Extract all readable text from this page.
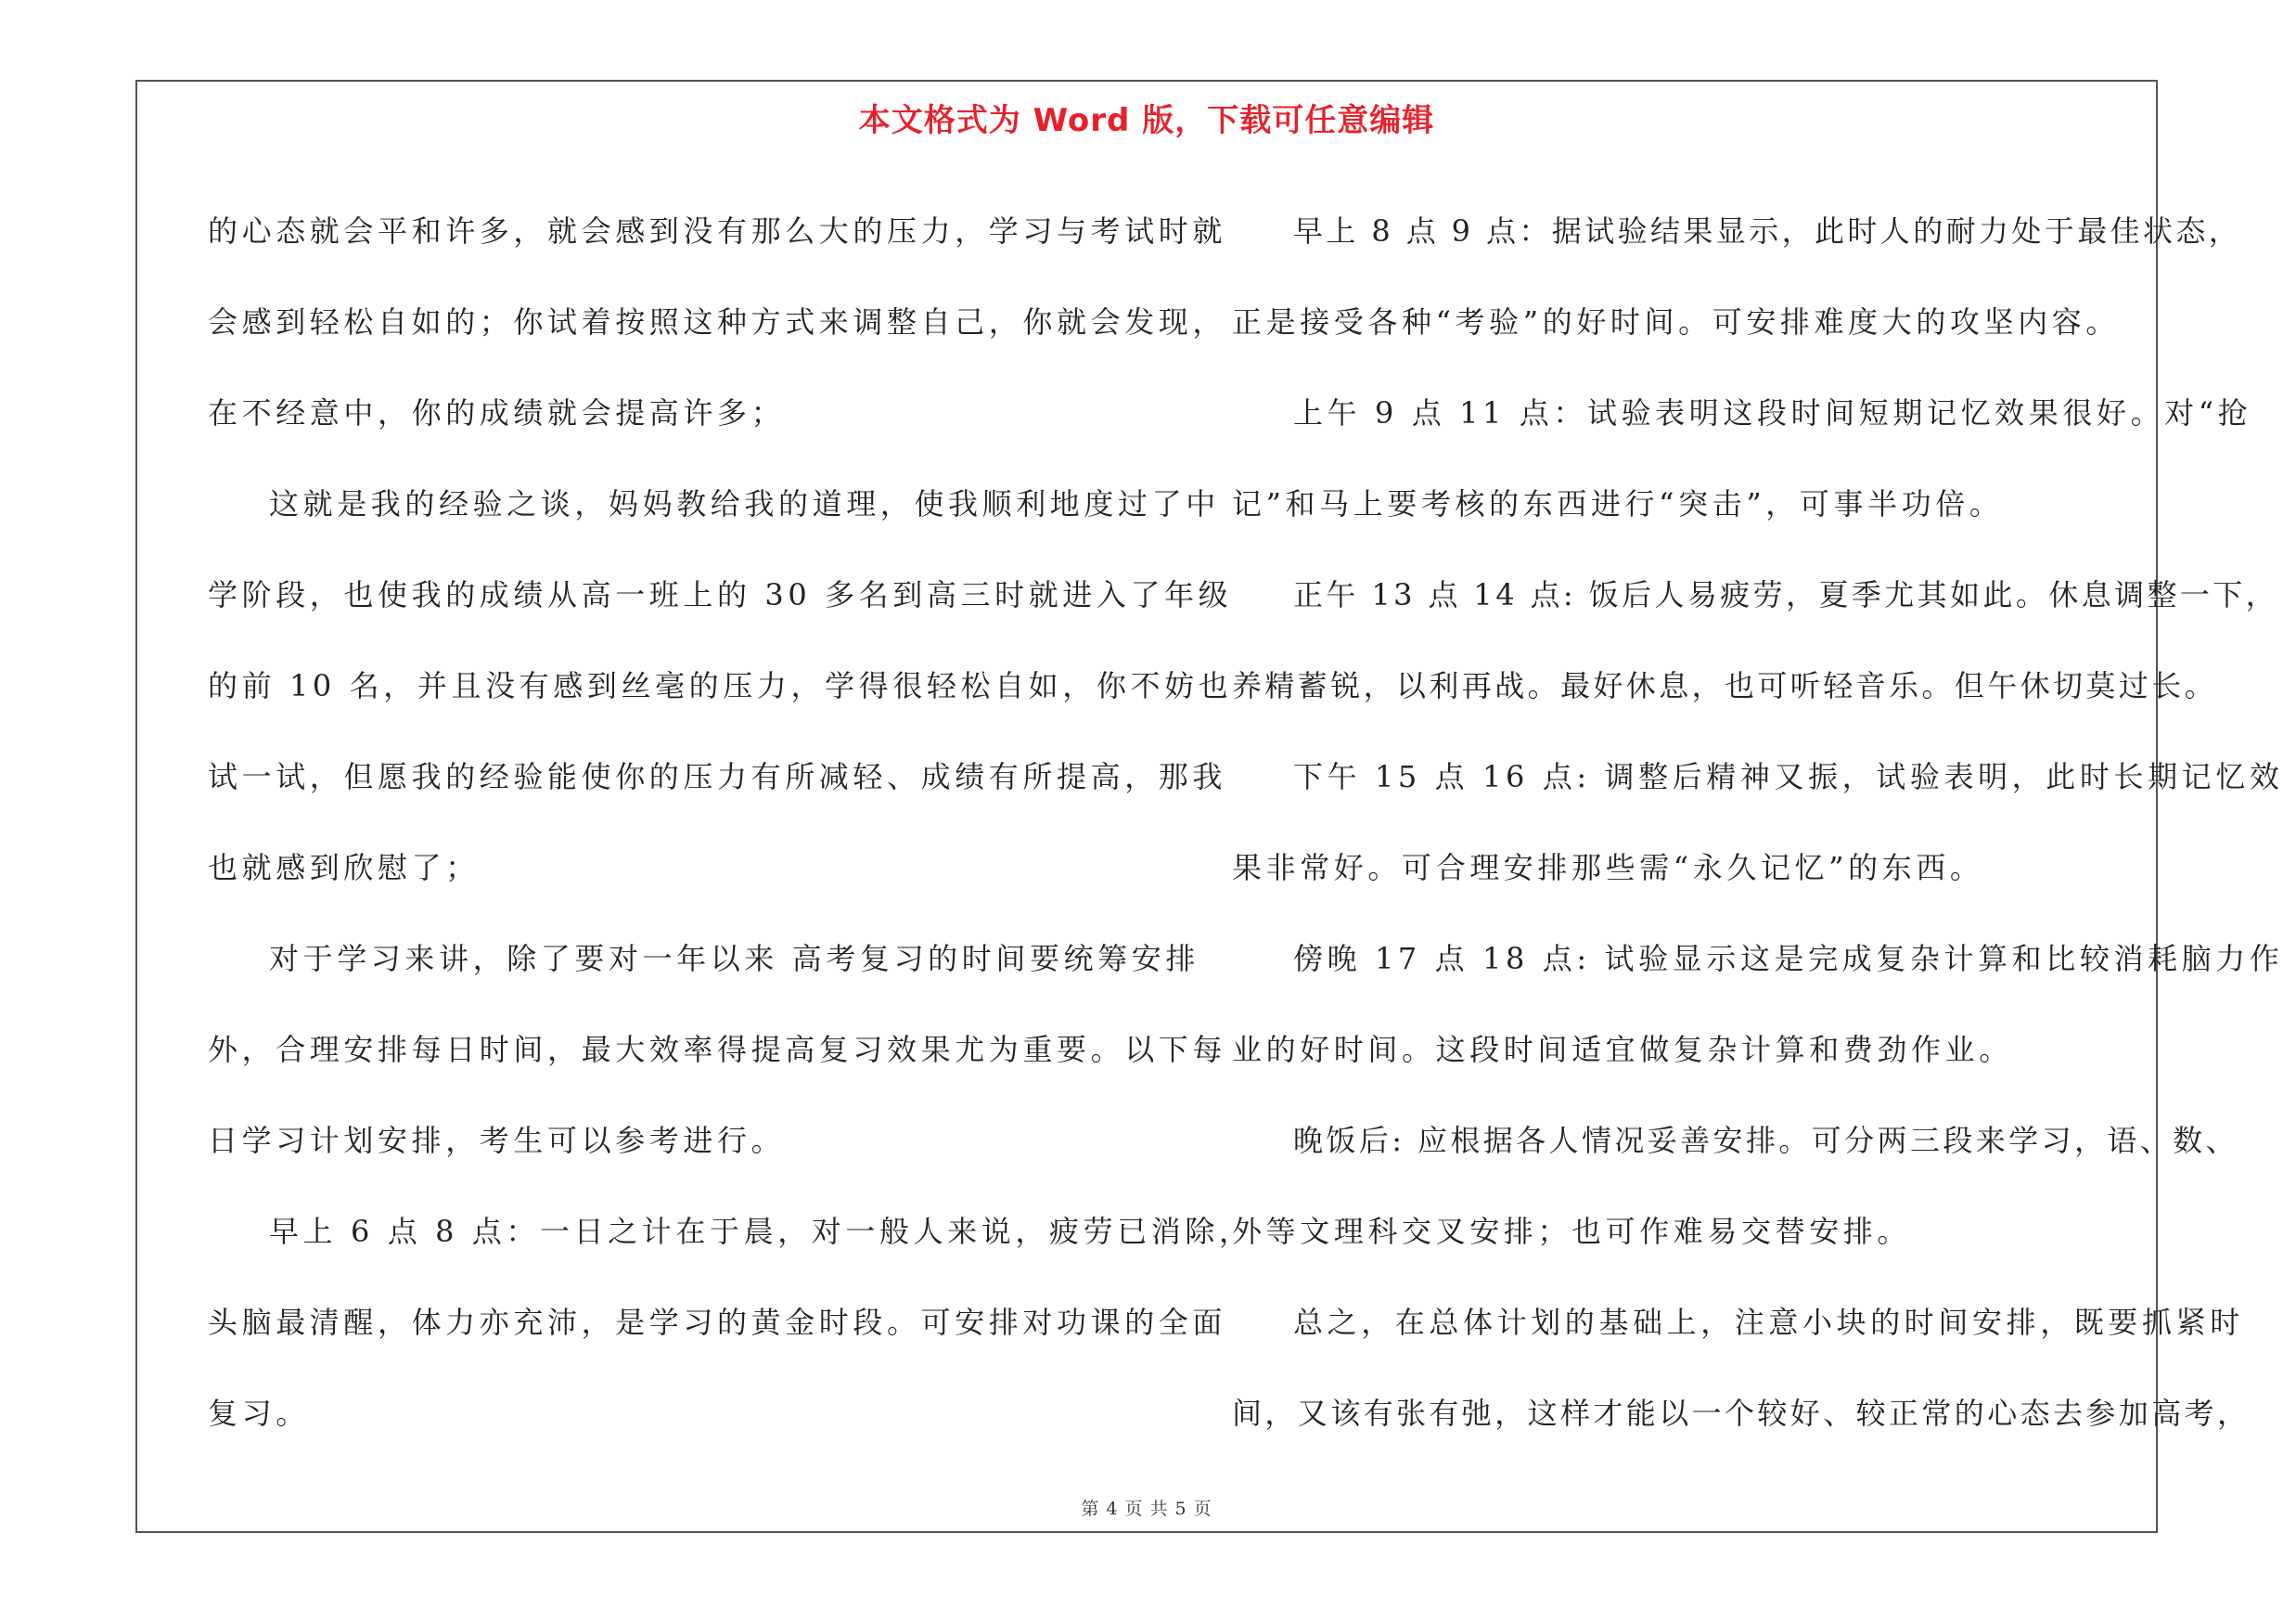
本文格式为 Word 版，下载可任意编辑
的心态就会平和许多，就会感到没有那么大的压力，学习与考试时就
会感到轻松自如的；你试着按照这种方式来调整自己，你就会发现，
在不经意中，你的成绩就会提高许多；
这就是我的经验之谈，妈妈教给我的道理，使我顺利地度过了中
学阶段，也使我的成绩从高一班上的 30 多名到高三时就进入了年级
的前 10 名，并且没有感到丝毫的压力，学得很轻松自如，你不妨也
试一试，但愿我的经验能使你的压力有所减轻、成绩有所提高，那我
也就感到欣慰了；
对于学习来讲，除了要对一年以来 高考复习的时间要统筹安排
外，合理安排每日时间，最大效率得提高复习效果尤为重要。以下每
日学习计划安排，考生可以参考进行。
早上 6 点 8 点：一日之计在于晨，对一般人来说，疲劳已消除，
头脑最清醒，体力亦充沛，是学习的黄金时段。可安排对功课的全面
复习。
早上 8 点 9 点：据试验结果显示，此时人的耐力处于最佳状态，
正是接受各种“考验”的好时间。可安排难度大的攻坚内容。
上午 9 点 11 点：试验表明这段时间短期记忆效果很好。对“抢
记”和马上要考核的东西进行“突击”，可事半功倍。
正午 13 点 14 点: 饭后人易疲劳，夏季尤其如此。休息调整一下，
养精蓄锐，以利再战。最好休息，也可听轻音乐。但午休切莫过长。
下午 15 点 16 点: 调整后精神又振，试验表明，此时长期记忆效
果非常好。可合理安排那些需“永久记忆”的东西。
傍晚 17 点 18 点: 试验显示这是完成复杂计算和比较消耗脑力作
业的好时间。这段时间适宜做复杂计算和费劲作业。
晚饭后: 应根据各人情况妥善安排。可分两三段来学习，语、数、
外等文理科交叉安排；也可作难易交替安排。
总之，在总体计划的基础上，注意小块的时间安排，既要抓紧时
间，又该有张有弛，这样才能以一个较好、较正常的心态去参加高考，
第 4 页 共 5 页
